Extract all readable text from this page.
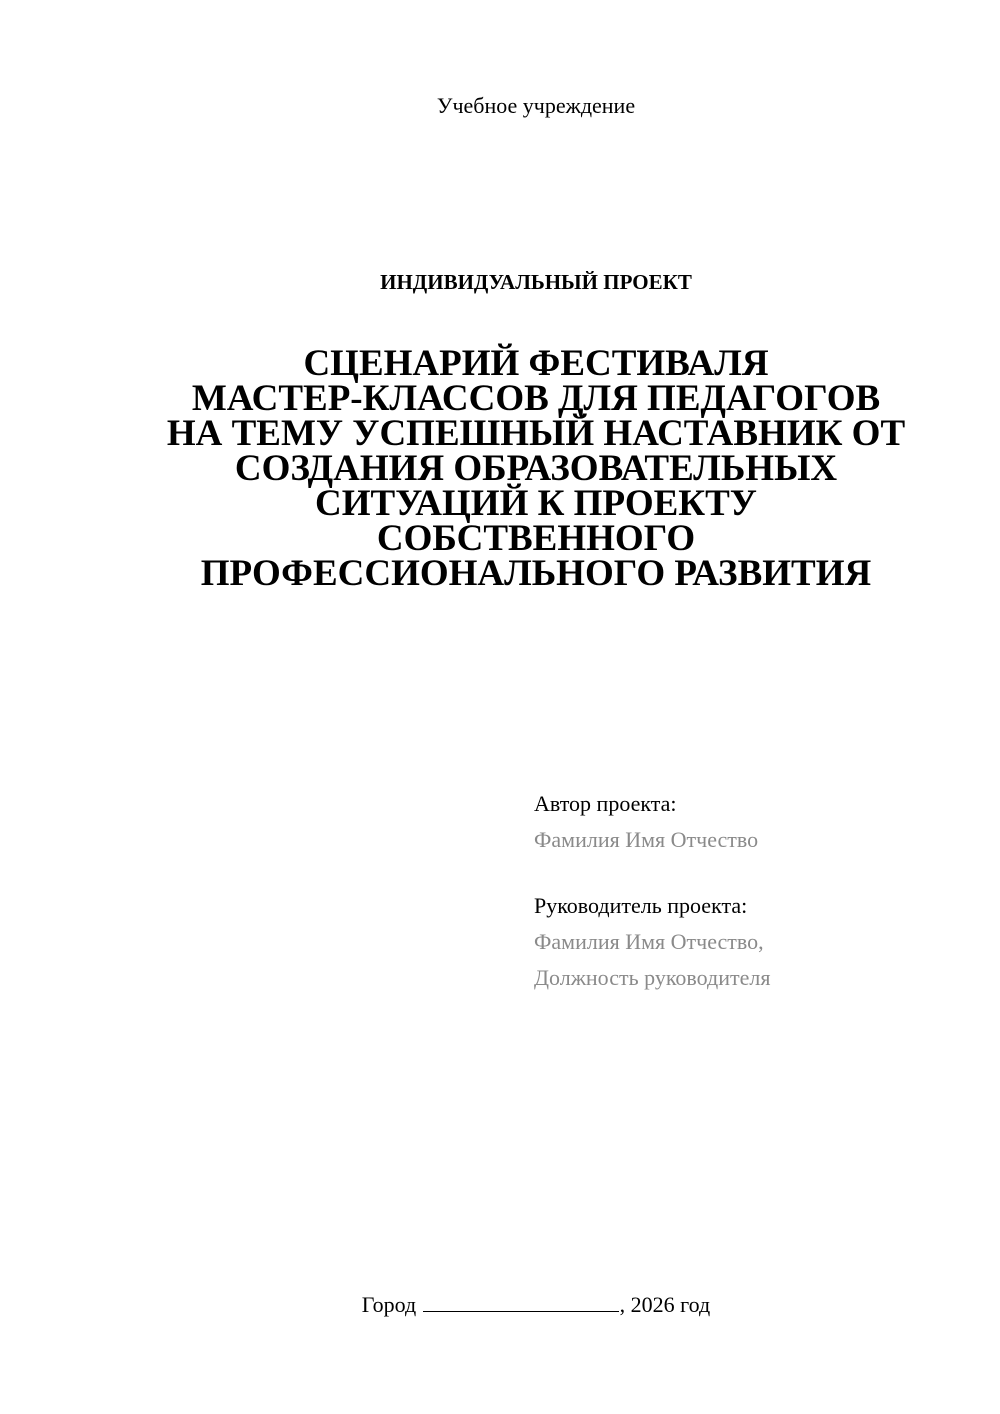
Учебное учреждение
ИНДИВИДУАЛЬНЫЙ ПРОЕКТ
СЦЕНАРИЙ ФЕСТИВАЛЯ
МАСТЕР-КЛАССОВ ДЛЯ ПЕДАГОГОВ
НА ТЕМУ УСПЕШНЫЙ НАСТАВНИК ОТ
СОЗДАНИЯ ОБРАЗОВАТЕЛЬНЫХ
СИТУАЦИЙ К ПРОЕКТУ
СОБСТВЕННОГО
ПРОФЕССИОНАЛЬНОГО РАЗВИТИЯ
Автор проекта:
Фамилия Имя Отчество
Руководитель проекта:
Фамилия Имя Отчество,
Должность руководителя
Город	, 2026 год
